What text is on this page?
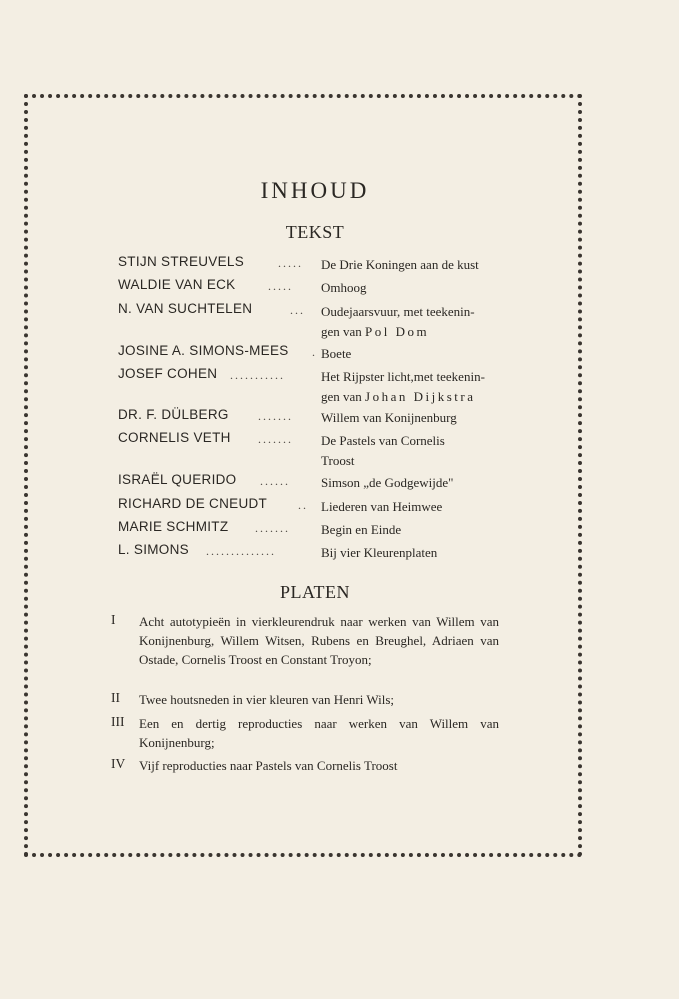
INHOUD
TEKST
STIJN STREUVELS	..... De Drie Koningen aan de kust
WALDIE VAN ECK	..... Omhoog
N. VAN SUCHTELEN	... Oudejaarsvuur, met teekenin-
gen van Pol Dom
JOSINE A. SIMONS-MEES . Boete
JOSEF COHEN ...........	Het Rijpster licht,met teekenin-
gen van Johan Dijkstra
DR. F. DÜLBERG ....... Willem van Konijnenburg
CORNELIS VETH ....... De Pastels van Cornelis
Troost
ISRAËL QUERIDO ...... Simson „de Godgewijde"
RICHARD DE CNEUDT	.. Liederen van Heimwee
MARIE SCHMITZ ....... Begin en Einde
L. SIMONS ..............	Bij vier Kleurenplaten
PLATEN
I Acht autotypieën in vierkleurendruk naar werken van Willem van Konijnenburg, Willem Witsen, Rubens en Breughel, Adriaen van Ostade, Cornelis Troost en Constant Troyon;
II Twee houtsneden in vier kleuren van Henri Wils;
III Een en dertig reproducties naar werken van Willem van Konijnenburg;
IV Vijf reproducties naar Pastels van Cornelis Troost
